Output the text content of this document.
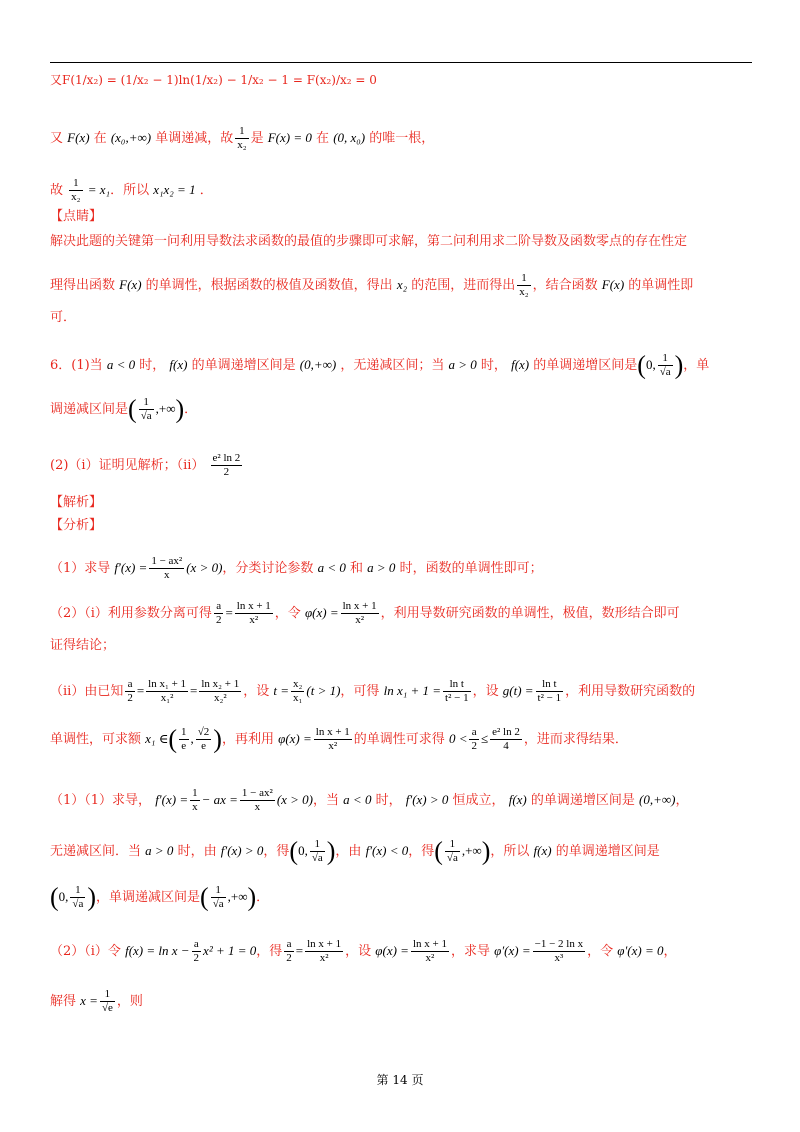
又F(1/x₂) = (1/x₂ − 1)ln(1/x₂) − 1/x₂ − 1 = F(x₂)/x₂ = 0
又 F(x) 在 (x₀,+∞) 单调递减，故 $\frac{1}{\text{x₂}}$ 是 F(x) = 0 在 (0, x₀) 的唯一根，
故 $\frac{1}{\text{x₂}} = x_1$．所以 x₁x₂ = 1 ．
【点睛】
解决此题的关键第一问利用导数法求函数的最值的步骤即可求解，第二问利用求二阶导数及函数零点的存在性定
理得出函数 F(x) 的单调性，根据函数的极值及函数值，得出 x₂ 的范围，进而得出 $\frac{1}{\text{x₂}}$ ，结合函数 F(x) 的单调性即
可．
6．(1)当 a < 0 时， f(x) 的单调递增区间是 (0,+∞) ，无递减区间；当 a > 0 时， f(x) 的单调递增区间是(0, $\frac{1}{√a}$ )，单
调递减区间是( $\frac{1}{√a}$ ,+∞)．
(2)（i）证明见解析；$(ii) \frac{\text{e² ln 2}}{2}$
【解析】
【分析】
（1）求导 $f'(x) = \frac{\text{1 − ax²}}{x} (x > 0)$，分类讨论参数 a < 0 和 a > 0 时，函数的单调性即可；
（2）（ⅰ）利用参数分离可得 $\frac{a}{2} = \frac{\text{ln x + 1}}{\text{x²}}$ ，令 $\varphi(x) = \frac{\text{ln x + 1}}{\text{x²}}$ ，利用导数研究函数的单调性，极值，数形结合即可
证得结论；
（ii）由已知 $\frac{a}{2} = \frac{\text{ln x₁ + 1}}{\text{x₁²}} = \frac{\text{ln x₂ + 1}}{\text{x₂²}}$ ，设 $t = \frac{\text{x₂}}{\text{x₁}} (t > 1)$，可得 $\ln x_1 + 1 = \frac{\text{ln t}}{\text{t² − 1}}$ ，设 $g(t) = \frac{\text{ln t}}{\text{t² − 1}}$ ，利用导数研究函数的
单调性，可求额 x₁ ∈( $\frac{1}{e}$ , $\frac{√2}{e}$ )，再利用 $\varphi(x) = \frac{\text{ln x + 1}}{\text{x²}}$ 的单调性可求得 $0 < \frac{a}{2} \le \frac{\text{e² ln 2}}{4}$ ，进而求得结果．
（1）（1）求导， $f'(x) = \frac{1}{x}$ − ax = $\frac{\text{1 − ax²}}{x} (x > 0)$，当 a < 0 时， f′(x) > 0 恒成立， f(x) 的单调递增区间是 (0,+∞)，
无递减区间．当 a > 0 时，由 f′(x) > 0，得(0, $\frac{1}{√a}$ )，由 f′(x) < 0，得( $\frac{1}{√a}$ ,+∞)，所以 f(x) 的单调递增区间是
(0, $\frac{1}{√a}$ )，单调递减区间是( $\frac{1}{√a}$ ,+∞)．
（2）（ⅰ）令 $f(x) = \ln x - \frac{a}{2} x^2 + 1 = 0$，得 $\frac{a}{2} = \frac{\text{ln x + 1}}{\text{x²}}$ ，设 $\varphi(x) = \frac{\text{ln x + 1}}{\text{x²}}$ ，求导 $\varphi'(x) = \frac{\text{−1 − 2 ln x}}{\text{x³}}$ ，令 φ′(x) = 0，
解得 $x = \frac{1}{√e}$ ，则
第 14 页
